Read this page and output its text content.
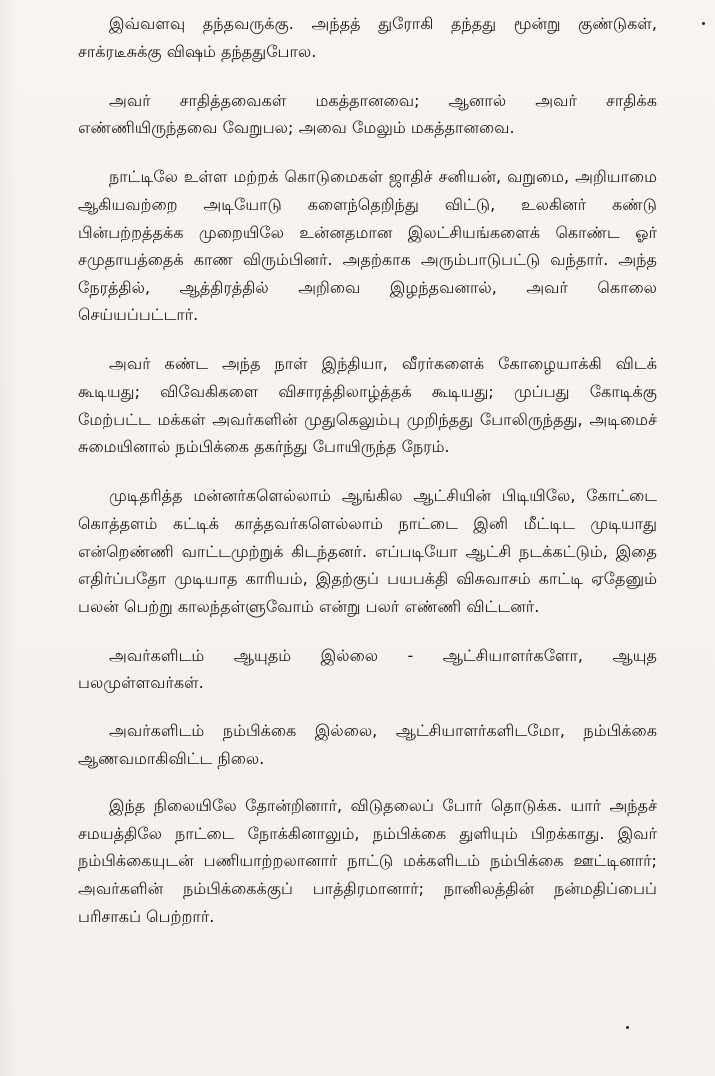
இவ்வளவு தந்தவருக்கு. அந்தத் துரோகி தந்தது மூன்று குண்டுகள், சாக்ரடீசுக்கு விஷம் தந்ததுபோல.

அவர் சாதித்தவைகள் மகத்தானவை; ஆனால் அவர் சாதிக்க எண்ணியிருந்தவை வேறுபல; அவை மேலும் மகத்தானவை.

நாட்டிலே உள்ள மற்றக் கொடுமைகள் ஜாதிச் சனியன், வறுமை, அறியாமை ஆகியவற்றை அடியோடு களைந்தெறிந்து விட்டு, உலகினர் கண்டு பின்பற்றத்தக்க முறையிலே உன்னதமான இலட்சியங்களைக் கொண்ட ஓர் சமுதாயத்தைக் காண விரும்பினர். அதற்காக அரும்பாடுபட்டு வந்தார். அந்த நேரத்தில், ஆத்திரத்தில் அறிவை இழந்தவனால், அவர் கொலை செய்யப்பட்டார்.

அவர் கண்ட அந்த நாள் இந்தியா, வீரர்களைக் கோழையாக்கி விடக் கூடியது; விவேகிகளை விசாரத்திலாழ்த்தக் கூடியது; முப்பது கோடிக்கு மேற்பட்ட மக்கள் அவர்களின் முதுகெலும்பு முறிந்தது போலிருந்தது, அடிமைச் சுமையினால் நம்பிக்கை தகர்ந்து போயிருந்த நேரம்.

முடிதரித்த மன்னர்களெல்லாம் ஆங்கில ஆட்சியின் பிடியிலே, கோட்டை கொத்தளம் கட்டிக் காத்தவர்களெல்லாம் நாட்டை இனி மீட்டிட முடியாது என்றெண்ணி வாட்டமுற்றுக் கிடந்தனர். எப்படியோ ஆட்சி நடக்கட்டும், இதை எதிர்ப்பதோ முடியாத காரியம், இதற்குப் பயபக்தி விசுவாசம் காட்டி ஏதேனும் பலன் பெற்று காலந்தள்ளுவோம் என்று பலர் எண்ணி விட்டனர்.

அவர்களிடம் ஆயுதம் இல்லை - ஆட்சியாளர்களோ, ஆயுத பலமுள்ளவர்கள்.

அவர்களிடம் நம்பிக்கை இல்லை, ஆட்சியாளர்களிடமோ, நம்பிக்கை ஆணவமாகிவிட்ட நிலை.

இந்த நிலையிலே தோன்றினார், விடுதலைப் போர் தொடுக்க. யார் அந்தச் சமயத்திலே நாட்டை நோக்கினாலும், நம்பிக்கை துளியும் பிறக்காது. இவர் நம்பிக்கையுடன் பணியாற்றலானார் நாட்டு மக்களிடம் நம்பிக்கை ஊட்டினார்; அவர்களின் நம்பிக்கைக்குப் பாத்திரமானார்; நானிலத்தின் நன்மதிப்பைப் பரிசாகப் பெற்றார்.
